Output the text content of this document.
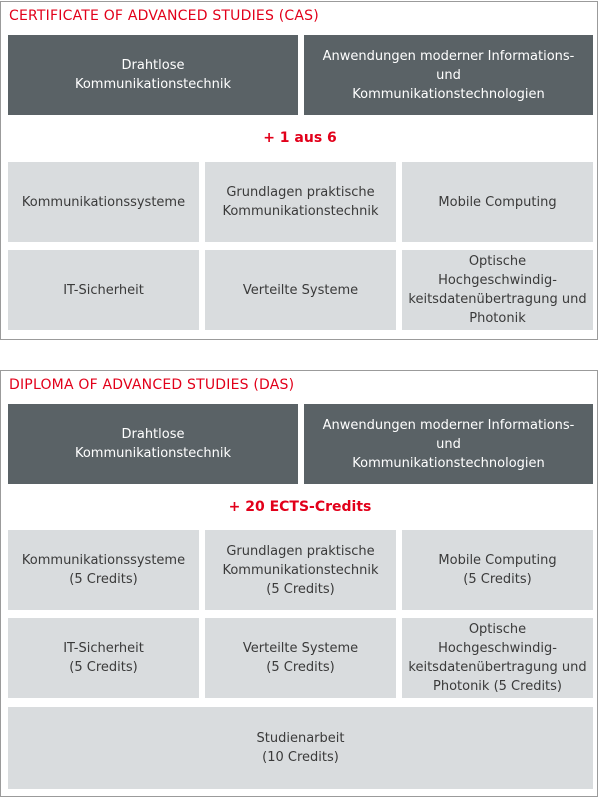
CERTIFICATE OF ADVANCED STUDIES (CAS)
Drahtlose
Kommunikationstechnik
Anwendungen moderner Informations- und
Kommunikationstechnologien
+ 1 aus 6
Kommunikationssysteme
Grundlagen praktische
Kommunikationstechnik
Mobile Computing
IT-Sicherheit	Verteilte Systeme
Optische Hochgeschwindig-
keitsdatenübertragung und
Photonik
DIPLOMA OF ADVANCED STUDIES (DAS)
Drahtlose
Kommunikationstechnik
Anwendungen moderner Informations- und
Kommunikationstechnologien
+ 20 ECTS-Credits
Kommunikationssysteme
(5 Credits)
Grundlagen praktische
Kommunikationstechnik
(5 Credits)
Mobile Computing
(5 Credits)
IT-Sicherheit
(5 Credits)
Verteilte Systeme
(5 Credits)
Optische Hochgeschwindig-
keitsdatenübertragung und
Photonik (5 Credits)
Studienarbeit
(10 Credits)
